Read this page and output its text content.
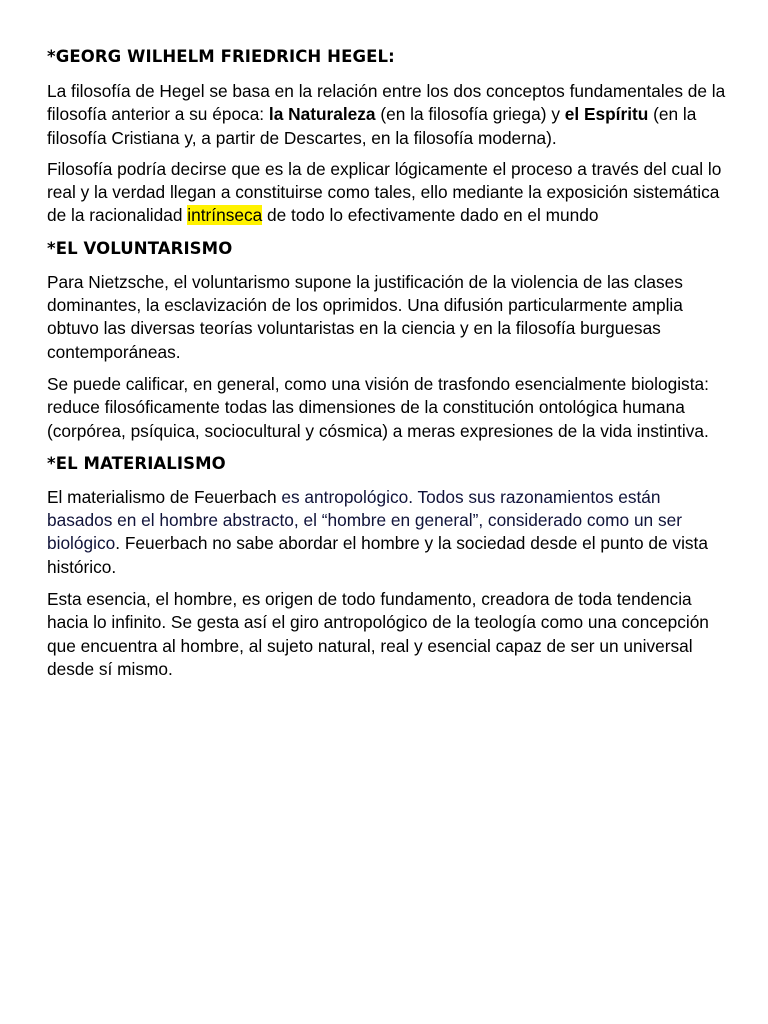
*GEORG WILHELM FRIEDRICH HEGEL:

La filosofía de Hegel se basa en la relación entre los dos conceptos fundamentales de la filosofía anterior a su época: la Naturaleza (en la filosofía griega) y el Espíritu (en la filosofía Cristiana y, a partir de Descartes, en la filosofía moderna).

Filosofía podría decirse que es la de explicar lógicamente el proceso a través del cual lo real y la verdad llegan a constituirse como tales, ello mediante la exposición sistemática de la racionalidad intrínseca de todo lo efectivamente dado en el mundo

*EL VOLUNTARISMO

Para Nietzsche, el voluntarismo supone la justificación de la violencia de las clases dominantes, la esclavización de los oprimidos. Una difusión particularmente amplia obtuvo las diversas teorías voluntaristas en la ciencia y en la filosofía burguesas contemporáneas.

Se puede calificar, en general, como una visión de trasfondo esencialmente biologista: reduce filosóficamente todas las dimensiones de la constitución ontológica humana (corpórea, psíquica, sociocultural y cósmica) a meras expresiones de la vida instintiva.

*EL MATERIALISMO

El materialismo de Feuerbach es antropológico. Todos sus razonamientos están basados en el hombre abstracto, el “hombre en general”, considerado como un ser biológico. Feuerbach no sabe abordar el hombre y la sociedad desde el punto de vista histórico.

Esta esencia, el hombre, es origen de todo fundamento, creadora de toda tendencia hacia lo infinito. Se gesta así el giro antropológico de la teología como una concepción que encuentra al hombre, al sujeto natural, real y esencial capaz de ser un universal desde sí mismo.
